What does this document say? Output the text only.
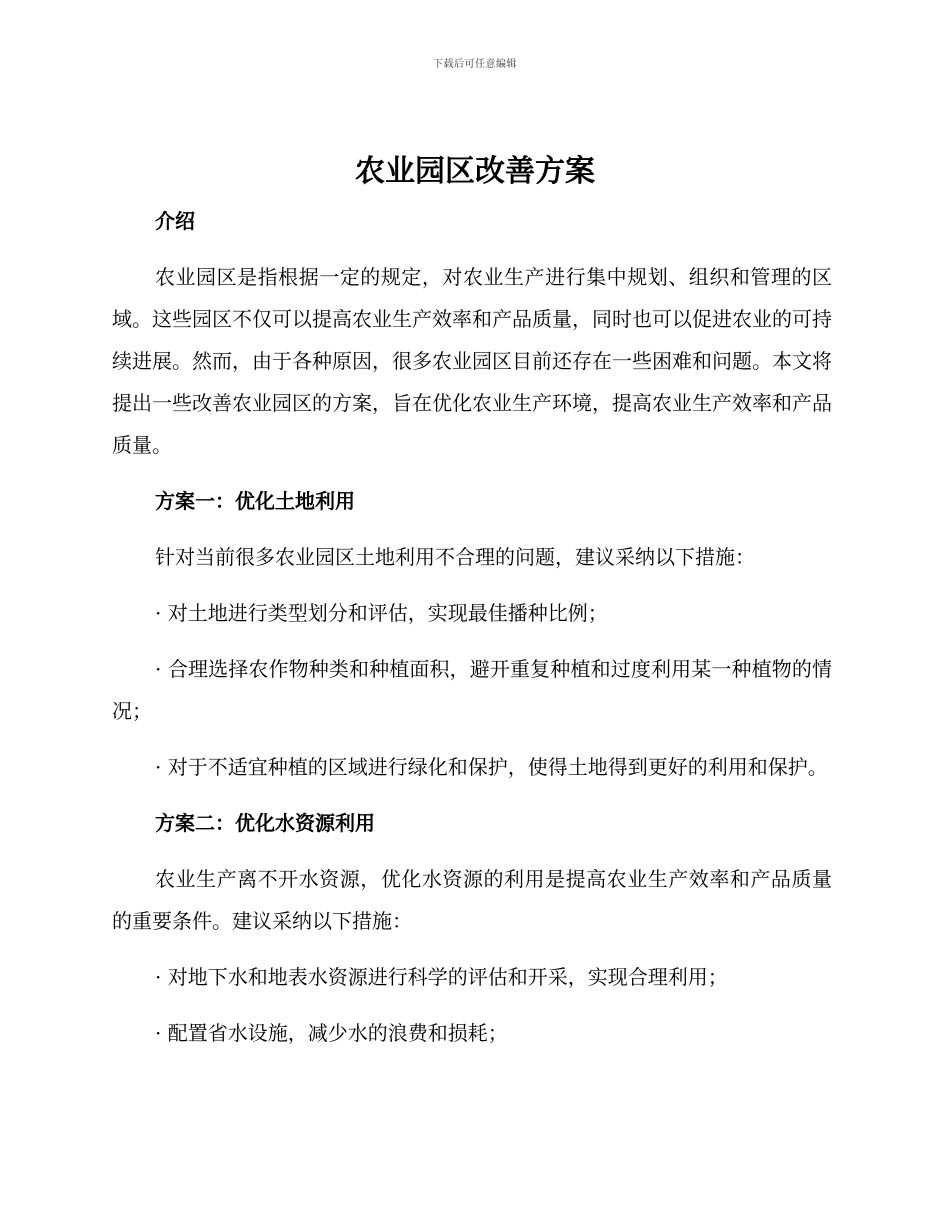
下载后可任意编辑
农业园区改善方案
介绍

农业园区是指根据一定的规定，对农业生产进行集中规划、组织和管理的区域。这些园区不仅可以提高农业生产效率和产品质量，同时也可以促进农业的可持续进展。然而，由于各种原因，很多农业园区目前还存在一些困难和问题。本文将提出一些改善农业园区的方案，旨在优化农业生产环境，提高农业生产效率和产品质量。

方案一：优化土地利用

针对当前很多农业园区土地利用不合理的问题，建议采纳以下措施：

· 对土地进行类型划分和评估，实现最佳播种比例；

· 合理选择农作物种类和种植面积，避开重复种植和过度利用某一种植物的情况；

· 对于不适宜种植的区域进行绿化和保护，使得土地得到更好的利用和保护。

方案二：优化水资源利用

农业生产离不开水资源，优化水资源的利用是提高农业生产效率和产品质量的重要条件。建议采纳以下措施：

· 对地下水和地表水资源进行科学的评估和开采，实现合理利用；

· 配置省水设施，减少水的浪费和损耗；
